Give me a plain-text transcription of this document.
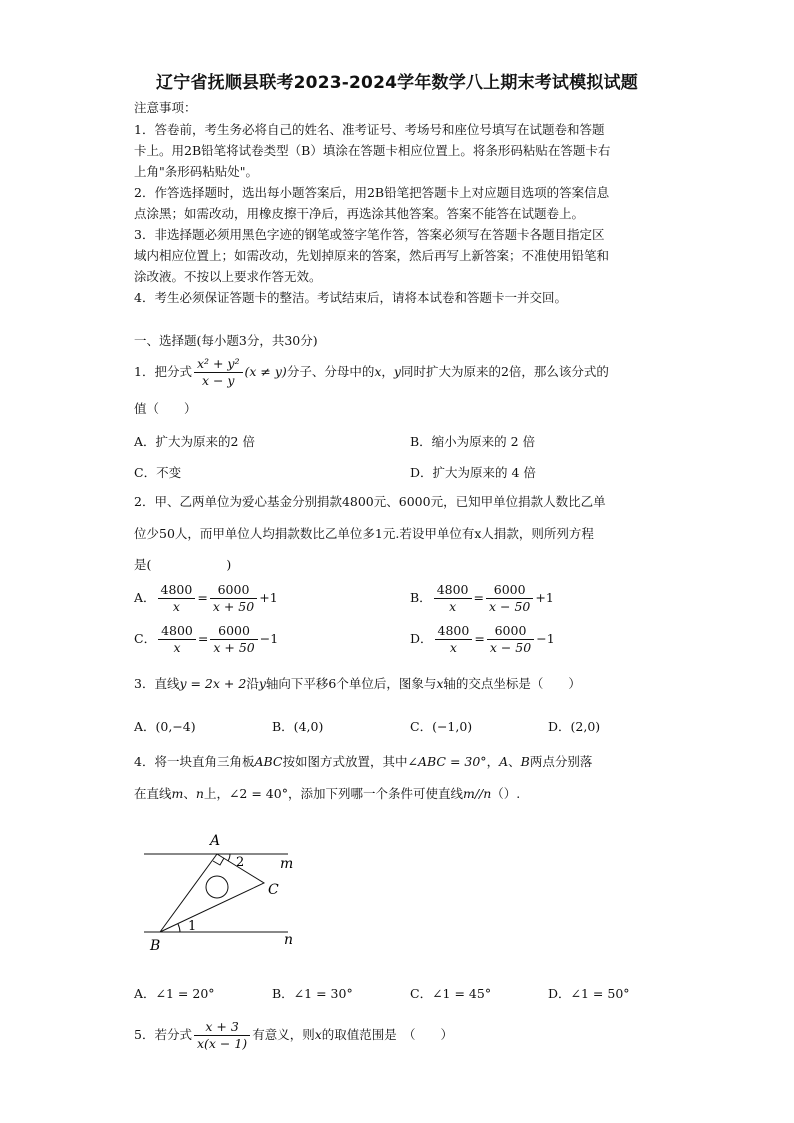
辽宁省抚顺县联考2023-2024学年数学八上期末考试模拟试题
注意事项：
1．答卷前，考生务必将自己的姓名、准考证号、考场号和座位号填写在试题卷和答题
卡上。用2B铅笔将试卷类型（B）填涂在答题卡相应位置上。将条形码粘贴在答题卡右
上角"条形码粘贴处"。
2．作答选择题时，选出每小题答案后，用2B铅笔把答题卡上对应题目选项的答案信息
点涂黑；如需改动，用橡皮擦干净后，再选涂其他答案。答案不能答在试题卷上。
3．非选择题必须用黑色字迹的钢笔或签字笔作答，答案必须写在答题卡各题目指定区
域内相应位置上；如需改动，先划掉原来的答案，然后再写上新答案；不准使用铅笔和
涂改液。不按以上要求作答无效。
4．考生必须保证答题卡的整洁。考试结束后，请将本试卷和答题卡一并交回。
一、选择题(每小题3分，共30分)
1．把分式 $\frac{\text{x² + y²}}{x - y} (x \ne y)$分子、分母中的x，y同时扩大为原来的2倍，那么该分式的
值（　　）
A．扩大为原来的2 倍	B．缩小为原来的 2 倍
C．不变	D．扩大为原来的 4 倍
2．甲、乙两单位为爱心基金分别捐款4800元、6000元，已知甲单位捐款人数比乙单
位少50人，而甲单位人均捐款数比乙单位多1元.若设甲单位有x人捐款，则所列方程
是(　　　　　　)
A． $\frac{4800}{x} = \frac{6000}{x + 50} +1$	B． $\frac{4800}{x} = \frac{6000}{x - 50} +1$
C． $\frac{4800}{x} = \frac{6000}{x + 50} -1$	D． $\frac{4800}{x} = \frac{6000}{x - 50} -1$
3．直线y = 2x + 2沿y轴向下平移6个单位后，图象与x轴的交点坐标是（　　）
A．(0,−4)	B．(4,0)	C．(−1,0)	D．(2,0)
4．将一块直角三角板ABC按如图方式放置，其中∠ABC = 30°，A、B两点分别落
在直线m、n上，∠2 = 40°，添加下列哪一个条件可使直线m//n（）.
A
B
C
m
n
1
2
A．∠1 = 20°	B．∠1 = 30°	C．∠1 = 45°	D．∠1 = 50°
5．若分式 $\frac{x + 3}{x(x - 1)}$ 有意义，则x的取值范围是　（　　）
